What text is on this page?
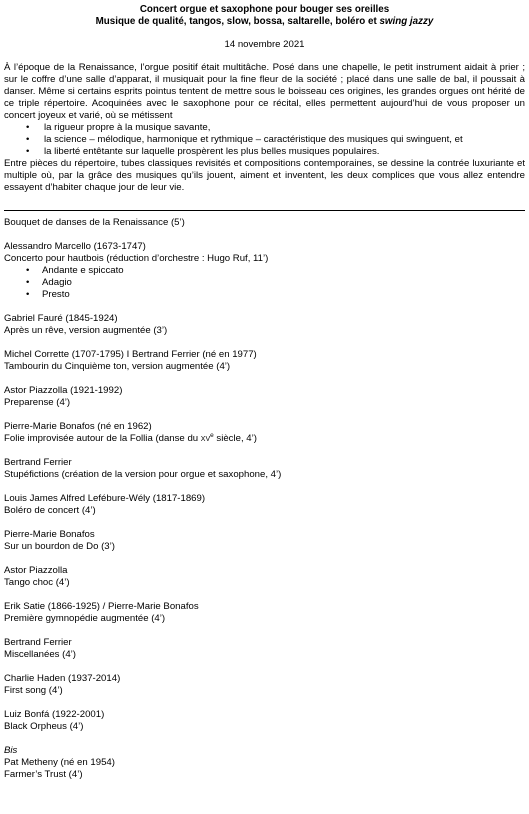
Concert orgue et saxophone pour bouger ses oreilles
Musique de qualité, tangos, slow, bossa, saltarelle, boléro et swing jazzy
14 novembre 2021

À l’époque de la Renaissance, l’orgue positif était multitâche. Posé dans une chapelle, le petit instrument aidait à prier ; sur le coffre d’une salle d’apparat, il musiquait pour la fine fleur de la société ; placé dans une salle de bal, il poussait à danser. Même si certains esprits pointus tentent de mettre sous le boisseau ces origines, les grandes orgues ont hérité de ce triple répertoire. Acoquinées avec le saxophone pour ce récital, elles permettent aujourd’hui de vous proposer un concert joyeux et varié, où se métissent

• la rigueur propre à la musique savante,
• la science – mélodique, harmonique et rythmique – caractéristique des musiques qui swinguent, et
• la liberté entêtante sur laquelle prospèrent les plus belles musiques populaires.

Entre pièces du répertoire, tubes classiques revisités et compositions contemporaines, se dessine la contrée luxuriante et multiple où, par la grâce des musiques qu’ils jouent, aiment et inventent, les deux complices que vous allez entendre essayent d’habiter chaque jour de leur vie.

Bouquet de danses de la Renaissance (5’)
Alessandro Marcello (1673-1747)
Concerto pour hautbois (réduction d’orchestre : Hugo Ruf, 11’)
• Andante e spiccato
• Adagio
• Presto
Gabriel Fauré (1845-1924)
Après un rêve, version augmentée (3’)
Michel Corrette (1707-1795) I Bertrand Ferrier (né en 1977)
Tambourin du Cinquième ton, version augmentée (4’)
Astor Piazzolla (1921-1992)
Preparense (4’)
Pierre-Marie Bonafos (né en 1962)
Folie improvisée autour de la Follia (danse du $xv^e$ siècle, 4’)
Bertrand Ferrier
Stupéfictions (création de la version pour orgue et saxophone, 4’)
Louis James Alfred Lefébure-Wély (1817-1869)
Boléro de concert (4’)
Pierre-Marie Bonafos
Sur un bourdon de Do (3’)
Astor Piazzolla
Tango choc (4’)
Erik Satie (1866-1925) / Pierre-Marie Bonafos
Première gymnopédie augmentée (4’)
Bertrand Ferrier
Miscellanées (4’)
Charlie Haden (1937-2014)
First song (4’)
Luiz Bonfá (1922-2001)
Black Orpheus (4’)
Bis
Pat Metheny (né en 1954)
Farmer’s Trust (4’)
